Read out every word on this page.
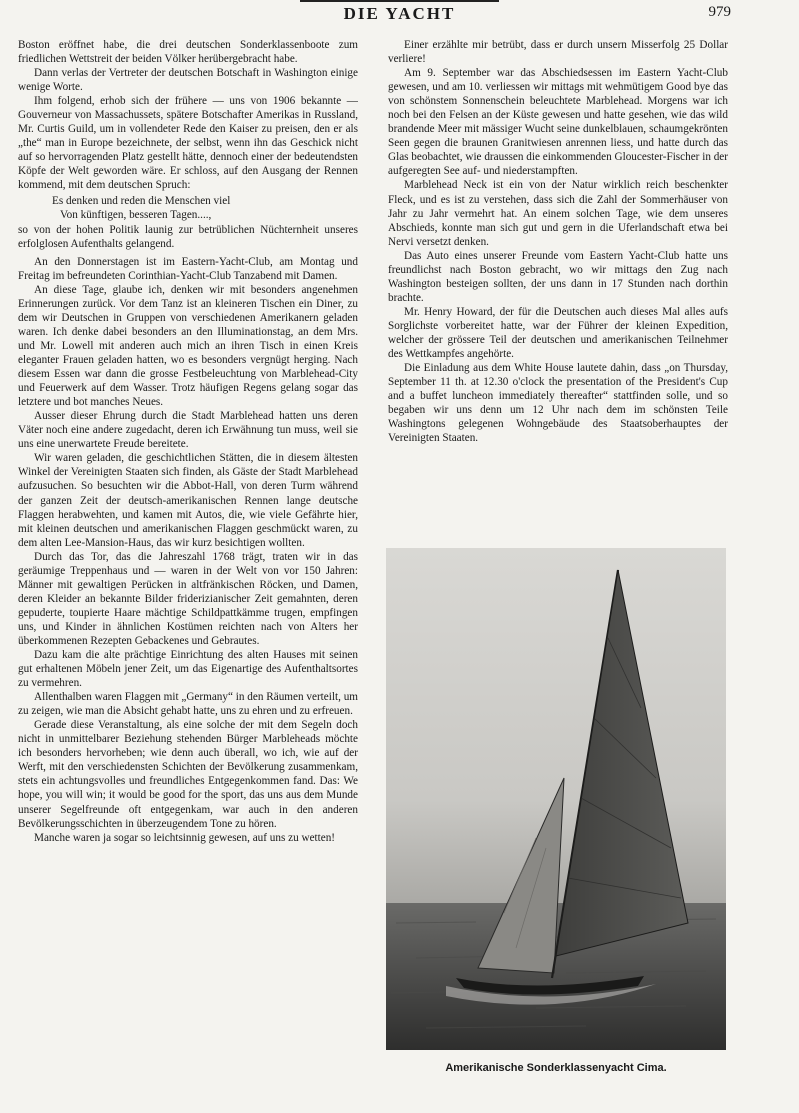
DIE YACHT	979

Boston eröffnet habe, die drei deutschen Sonderklassenboote zum friedlichen Wettstreit der beiden Völker herübergebracht habe.

Dann verlas der Vertreter der deutschen Botschaft in Washington einige wenige Worte.

Ihm folgend, erhob sich der frühere — uns von 1906 bekannte — Gouverneur von Massachussets, spätere Botschafter Amerikas in Russland, Mr. Curtis Guild, um in vollendeter Rede den Kaiser zu preisen, den er als „the“ man in Europe bezeichnete, der selbst, wenn ihn das Geschick nicht auf so hervorragenden Platz gestellt hätte, dennoch einer der bedeutendsten Köpfe der Welt geworden wäre. Er schloss, auf den Ausgang der Rennen kommend, mit dem deutschen Spruch:

Es denken und reden die Menschen viel
Von künftigen, besseren Tagen....,

so von der hohen Politik launig zur betrüblichen Nüchternheit unseres erfolglosen Aufenthalts gelangend.

An den Donnerstagen ist im Eastern-Yacht-Club, am Montag und Freitag im befreundeten Corinthian-Yacht-Club Tanzabend mit Damen.

An diese Tage, glaube ich, denken wir mit besonders angenehmen Erinnerungen zurück. Vor dem Tanz ist an kleineren Tischen ein Diner, zu dem wir Deutschen in Gruppen von verschiedenen Amerikanern geladen waren. Ich denke dabei besonders an den Illuminationstag, an dem Mrs. und Mr. Lowell mit anderen auch mich an ihren Tisch in einen Kreis eleganter Frauen geladen hatten, wo es besonders vergnügt herging. Nach diesem Essen war dann die grosse Festbeleuchtung von Marblehead-City und Feuerwerk auf dem Wasser. Trotz häufigen Regens gelang sogar das letztere und bot manches Neues.

Ausser dieser Ehrung durch die Stadt Marblehead hatten uns deren Väter noch eine andere zugedacht, deren ich Erwähnung tun muss, weil sie uns eine unerwartete Freude bereitete.

Wir waren geladen, die geschichtlichen Stätten, die in diesem ältesten Winkel der Vereinigten Staaten sich finden, als Gäste der Stadt Marblehead aufzusuchen. So besuchten wir die Abbot-Hall, von deren Turm während der ganzen Zeit der deutsch-amerikanischen Rennen lange deutsche Flaggen herabwehten, und kamen mit Autos, die, wie viele Gefährte hier, mit kleinen deutschen und amerikanischen Flaggen geschmückt waren, zu dem alten Lee-Mansion-Haus, das wir kurz besichtigen wollten.

Durch das Tor, das die Jahreszahl 1768 trägt, traten wir in das geräumige Treppenhaus und — waren in der Welt von vor 150 Jahren: Männer mit gewaltigen Perücken in altfränkischen Röcken, und Damen, deren Kleider an bekannte Bilder friderizianischer Zeit gemahnten, deren gepuderte, toupierte Haare mächtige Schildpattkämme trugen, empfingen uns, und Kinder in ähnlichen Kostümen reichten nach von Alters her überkommenen Rezepten Gebackenes und Gebrautes.

Dazu kam die alte prächtige Einrichtung des alten Hauses mit seinen gut erhaltenen Möbeln jener Zeit, um das Eigenartige des Aufenthaltsortes zu vermehren.

Allenthalben waren Flaggen mit „Germany“ in den Räumen verteilt, um zu zeigen, wie man die Absicht gehabt hatte, uns zu ehren und zu erfreuen.

Gerade diese Veranstaltung, als eine solche der mit dem Segeln doch nicht in unmittelbarer Beziehung stehenden Bürger Marbleheads möchte ich besonders hervorheben; wie denn auch überall, wo ich, wie auf der Werft, mit den verschiedensten Schichten der Bevölkerung zusammenkam, stets ein achtungsvolles und freundliches Entgegenkommen fand. Das: We hope, you will win; it would be good for the sport, das uns aus dem Munde unserer Segelfreunde oft entgegenkam, war auch in den anderen Bevölkerungsschichten in überzeugendem Tone zu hören.

Manche waren ja sogar so leichtsinnig gewesen, auf uns zu wetten!

Einer erzählte mir betrübt, dass er durch unsern Misserfolg 25 Dollar verliere!

Am 9. September war das Abschiedsessen im Eastern Yacht-Club gewesen, und am 10. verliessen wir mittags mit wehmütigem Good bye das von schönstem Sonnenschein beleuchtete Marblehead. Morgens war ich noch bei den Felsen an der Küste gewesen und hatte gesehen, wie das wild brandende Meer mit mässiger Wucht seine dunkelblauen, schaumgekrönten Seen gegen die braunen Granitwiesen anrennen liess, und hatte durch das Glas beobachtet, wie draussen die einkommenden Gloucester-Fischer in der aufgeregten See auf- und niederstampften.

Marblehead Neck ist ein von der Natur wirklich reich beschenkter Fleck, und es ist zu verstehen, dass sich die Zahl der Sommerhäuser von Jahr zu Jahr vermehrt hat. An einem solchen Tage, wie dem unseres Abschieds, konnte man sich gut und gern in die Uferlandschaft etwa bei Nervi versetzt denken.

Das Auto eines unserer Freunde vom Eastern Yacht-Club hatte uns freundlichst nach Boston gebracht, wo wir mittags den Zug nach Washington besteigen sollten, der uns dann in 17 Stunden nach dorthin brachte.

Mr. Henry Howard, der für die Deutschen auch dieses Mal alles aufs Sorglichste vorbereitet hatte, war der Führer der kleinen Expedition, welcher der grössere Teil der deutschen und amerikanischen Teilnehmer des Wettkampfes angehörte.

Die Einladung aus dem White House lautete dahin, dass „on Thursday, September 11 th. at 12.30 o'clock the presentation of the President's Cup and a buffet luncheon immediately thereafter“ stattfinden solle, und so begaben wir uns denn um 12 Uhr nach dem im schönsten Teile Washingtons gelegenen Wohngebäude des Staatsoberhauptes der Vereinigten Staaten.

Amerikanische Sonderklassenyacht Cima.
